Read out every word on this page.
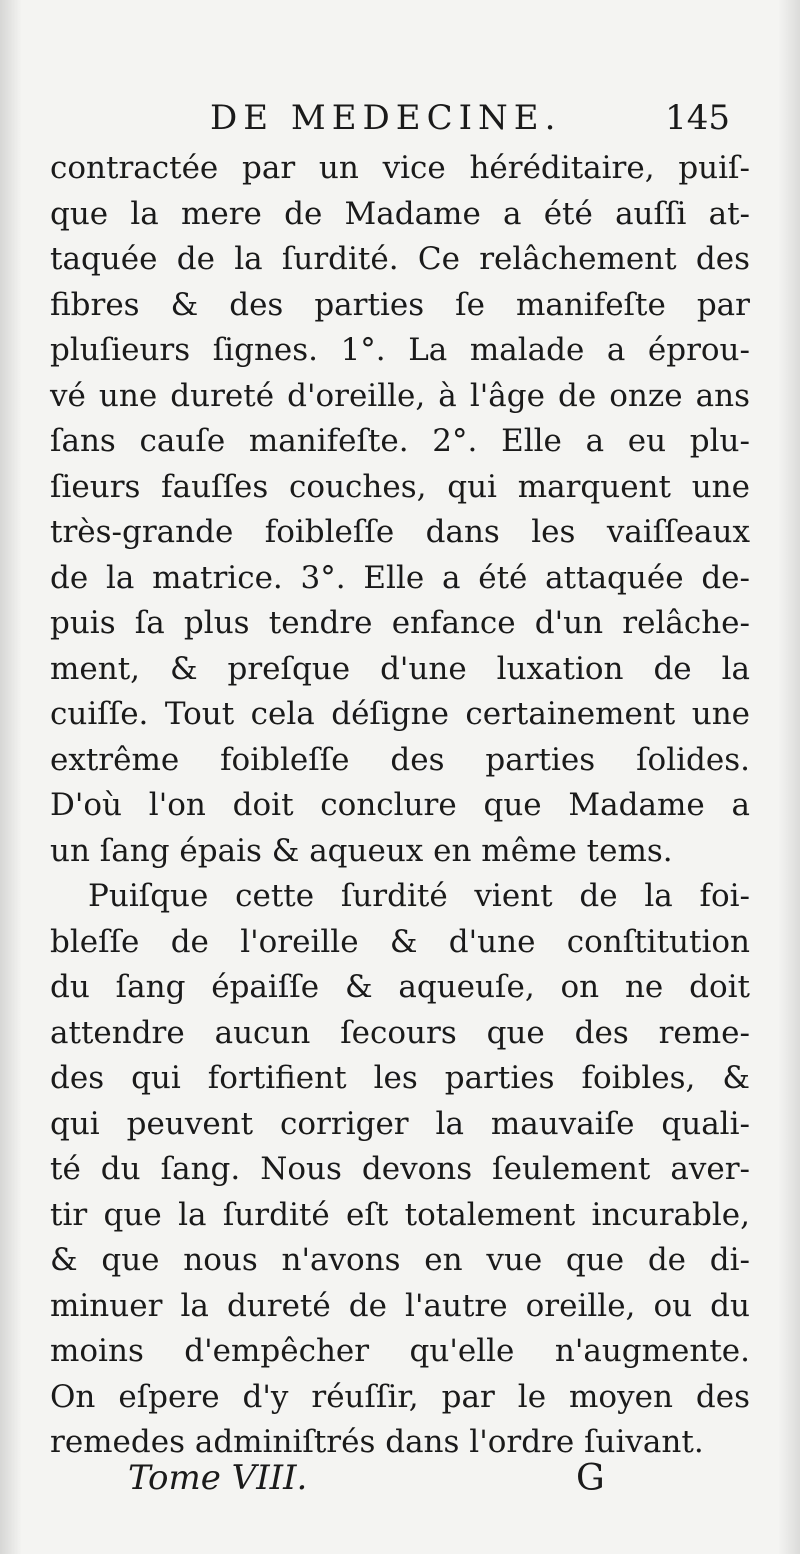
DE MEDECINE.	145
contractée par un vice héréditaire, puiſ-
que la mere de Madame a été auſſi at-
taquée de la ſurdité. Ce relâchement des
fibres & des parties ſe manifeſte par
pluſieurs ſignes. 1°. La malade a éprou-
vé une dureté d'oreille, à l'âge de onze ans
ſans cauſe manifeſte. 2°. Elle a eu plu-
ſieurs fauſſes couches, qui marquent une
très-grande foibleſſe dans les vaiſſeaux
de la matrice. 3°. Elle a été attaquée de-
puis ſa plus tendre enfance d'un relâche-
ment, & preſque d'une luxation de la
cuiſſe. Tout cela déſigne certainement une
extrême foibleſſe des parties ſolides.
D'où l'on doit conclure que Madame a
un ſang épais & aqueux en même tems.
Puiſque cette ſurdité vient de la foi-
bleſſe de l'oreille & d'une conſtitution
du ſang épaiſſe & aqueuſe, on ne doit
attendre aucun ſecours que des reme-
des qui fortifient les parties foibles, &
qui peuvent corriger la mauvaiſe quali-
té du ſang. Nous devons ſeulement aver-
tir que la ſurdité eſt totalement incurable,
& que nous n'avons en vue que de di-
minuer la dureté de l'autre oreille, ou du
moins d'empêcher qu'elle n'augmente.
On eſpere d'y réuſſir, par le moyen des
remedes adminiſtrés dans l'ordre ſuivant.
Tome VIII.	G
